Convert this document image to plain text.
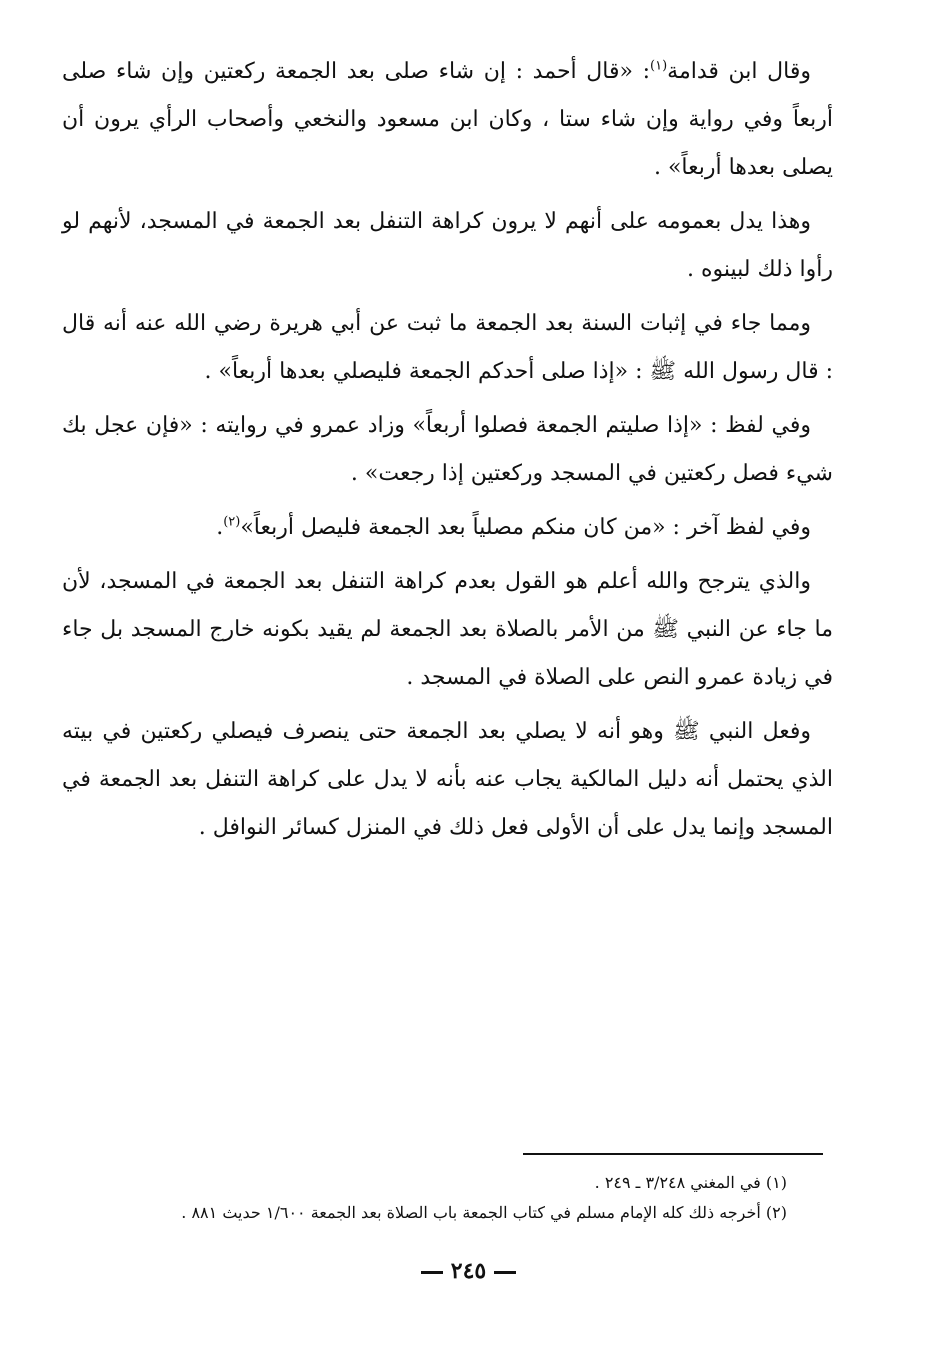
وقال ابن قدامة$^{(١)}$: «قال أحمد : إن شاء صلى بعد الجمعة ركعتين وإن شاء صلى أربعاً وفي رواية وإن شاء ستا ، وكان ابن مسعود والنخعي وأصحاب الرأي يرون أن يصلى بعدها أربعاً» .

وهذا يدل بعمومه على أنهم لا يرون كراهة التنفل بعد الجمعة في المسجد، لأنهم لو رأوا ذلك لبينوه .

ومما جاء في إثبات السنة بعد الجمعة ما ثبت عن أبي هريرة رضي الله عنه أنه قال : قال رسول الله ﷺ : «إذا صلى أحدكم الجمعة فليصلي بعدها أربعاً» .

وفي لفظ : «إذا صليتم الجمعة فصلوا أربعاً» وزاد عمرو في روايته : «فإن عجل بك شيء فصل ركعتين في المسجد وركعتين إذا رجعت» .

وفي لفظ آخر : «من كان منكم مصلياً بعد الجمعة فليصل أربعاً»$^{(٢)}$.

والذي يترجح والله أعلم هو القول بعدم كراهة التنفل بعد الجمعة في المسجد، لأن ما جاء عن النبي ﷺ من الأمر بالصلاة بعد الجمعة لم يقيد بكونه خارج المسجد بل جاء في زيادة عمرو النص على الصلاة في المسجد .

وفعل النبي ﷺ وهو أنه لا يصلي بعد الجمعة حتى ينصرف فيصلي ركعتين في بيته الذي يحتمل أنه دليل المالكية يجاب عنه بأنه لا يدل على كراهة التنفل بعد الجمعة في المسجد وإنما يدل على أن الأولى فعل ذلك في المنزل كسائر النوافل .

(١) في المغني ٣/٢٤٨ ـ ٢٤٩ .

(٢) أخرجه ذلك كله الإمام مسلم في كتاب الجمعة باب الصلاة بعد الجمعة ١/٦٠٠ حديث ٨٨١ .

٢٤٥
